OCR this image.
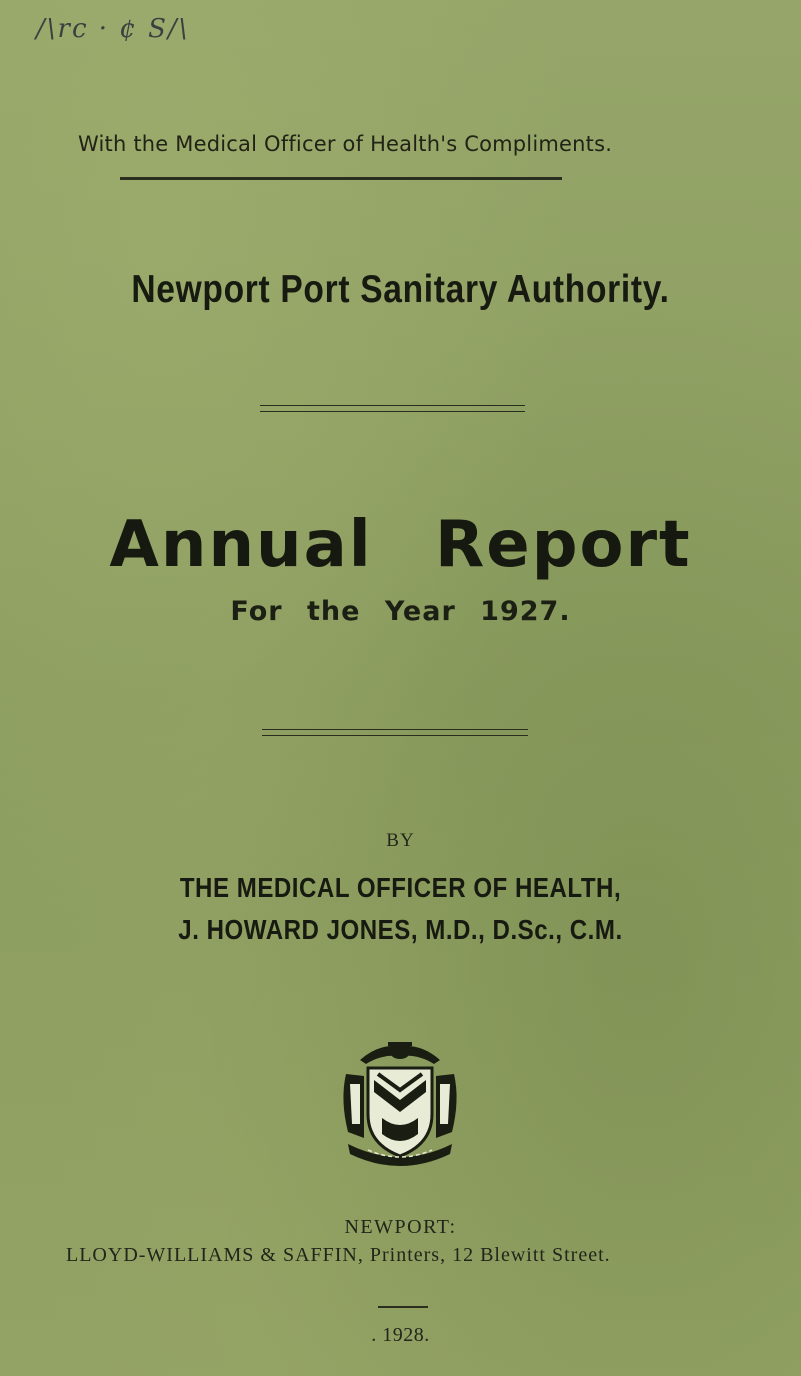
/\rc · ¢ S/\
With the Medical Officer of Health's Compliments.
Newport Port Sanitary Authority.
Annual Report
For the Year 1927.
BY
THE MEDICAL OFFICER OF HEALTH,
J. HOWARD JONES, M.D., D.Sc., C.M.
NEWPORT:
LLOYD-WILLIAMS & SAFFIN, Printers, 12 Blewitt Street.
. 1928.
